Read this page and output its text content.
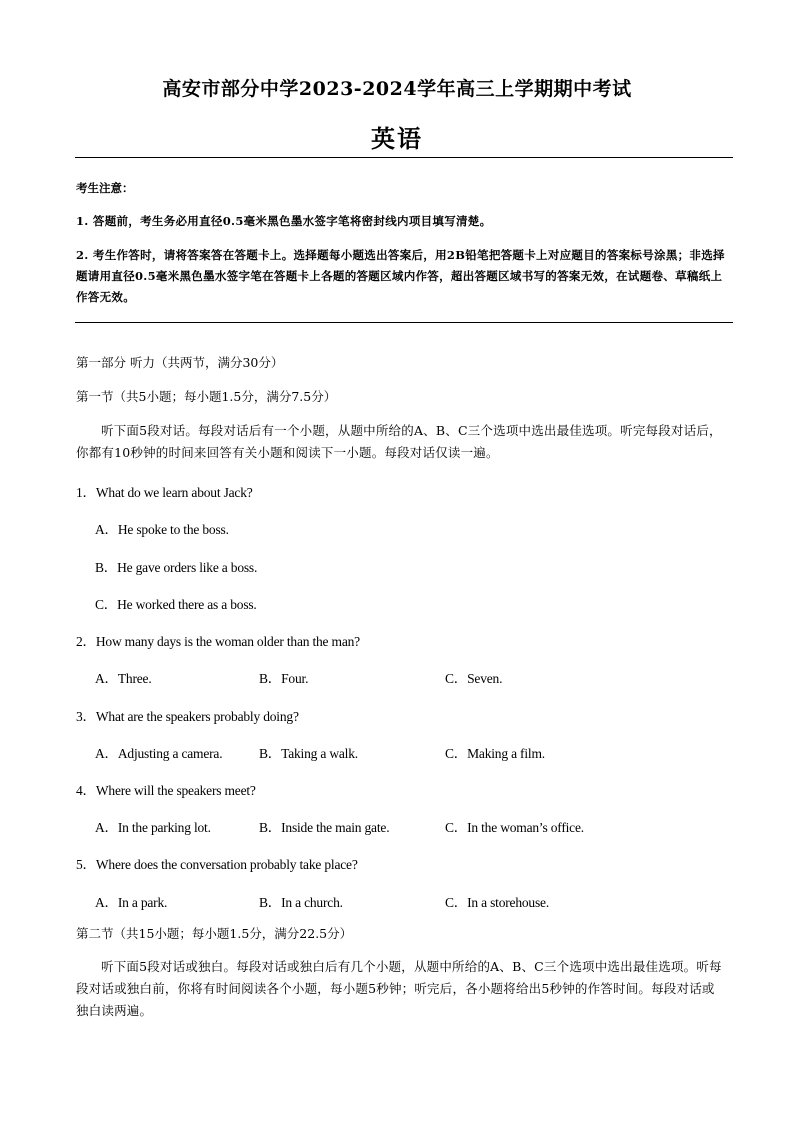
高安市部分中学2023-2024学年高三上学期期中考试
英语
考生注意：
1. 答题前，考生务必用直径0.5毫米黑色墨水签字笔将密封线内项目填写清楚。
2. 考生作答时，请将答案答在答题卡上。选择题每小题选出答案后，用2B铅笔把答题卡上对应题目的答案标号涂黑；非选择题请用直径0.5毫米黑色墨水签字笔在答题卡上各题的答题区域内作答，超出答题区域书写的答案无效，在试题卷、草稿纸上作答无效。
第一部分 听力（共两节，满分30分）
第一节（共5小题；每小题1.5分，满分7.5分）
听下面5段对话。每段对话后有一个小题，从题中所给的A、B、C三个选项中选出最佳选项。听完每段对话后，你都有10秒钟的时间来回答有关小题和阅读下一小题。每段对话仅读一遍。
1．What do we learn about Jack?
A．He spoke to the boss.
B．He gave orders like a boss.
C．He worked there as a boss.
2．How many days is the woman older than the man?
A．Three.	B．Four.	C．Seven.
3．What are the speakers probably doing?
A．Adjusting a camera.	B．Taking a walk.	C．Making a film.
4．Where will the speakers meet?
A．In the parking lot.	B．Inside the main gate.	C．In the woman’s office.
5．Where does the conversation probably take place?
A．In a park.	B．In a church.	C．In a storehouse.
第二节（共15小题；每小题1.5分，满分22.5分）
听下面5段对话或独白。每段对话或独白后有几个小题，从题中所给的A、B、C三个选项中选出最佳选项。听每段对话或独白前，你将有时间阅读各个小题，每小题5秒钟；听完后，各小题将给出5秒钟的作答时间。每段对话或独白读两遍。
